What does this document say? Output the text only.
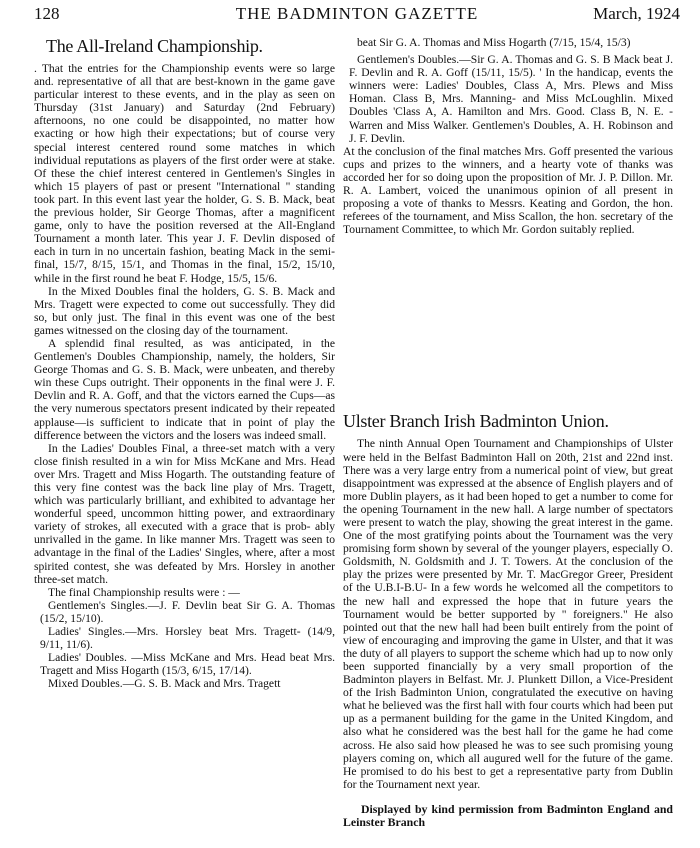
128	THE BADMINTON GAZETTE	March, 1924
The All-Ireland Championship.

. That the entries for the Championship events were so large and. representative of all that are best-known in the game gave particular interest to these events, and in the play as seen on Thursday (31st January) and Saturday (2nd February) afternoons, no one could be disappointed, no matter how exacting or how high their expectations; but of course very special interest centered round some matches in which individual reputations as players of the first order were at stake. Of these the chief interest centered in Gentlemen's Singles in which 15 players of past or present "International " standing took part. In this event last year the holder, G. S. B. Mack, beat the previous holder, Sir George Thomas, after a magnificent game, only to have the position reversed at the All-England Tournament a month later. This year J. F. Devlin disposed of each in turn in no uncertain fashion, beating Mack in the semi-final, 15/7, 8/15, 15/1, and Thomas in the final, 15/2, 15/10, while in the first round he beat F. Hodge, 15/5, 15/6.

In the Mixed Doubles final the holders, G. S. B. Mack and Mrs. Tragett were expected to come out successfully. They did so, but only just. The final in this event was one of the best games witnessed on the closing day of the tournament.

A splendid final resulted, as was anticipated, in the Gentlemen's Doubles Championship, namely, the holders, Sir George Thomas and G. S. B. Mack, were unbeaten, and thereby win these Cups outright. Their opponents in the final were J. F. Devlin and R. A. Goff, and that the victors earned the Cups—as the very numerous spectators present indicated by their repeated applause—is sufficient to indicate that in point of play the difference between the victors and the losers was indeed small.

In the Ladies' Doubles Final, a three-set match with a very close finish resulted in a win for Miss McKane and Mrs. Head over Mrs. Tragett and Miss Hogarth. The outstanding feature of this very fine contest was the back line play of Mrs. Tragett, which was particularly brilliant, and exhibited to advantage her wonderful speed, uncommon hitting power, and extraordinary variety of strokes, all executed with a grace that is prob- ably unrivalled in the game. In like manner Mrs. Tragett was seen to advantage in the final of the Ladies' Singles, where, after a most spirited contest, she was defeated by Mrs. Horsley in another three-set match.

The final Championship results were : —

Gentlemen's Singles.—J. F. Devlin beat Sir G. A. Thomas (15/2, 15/10).

Ladies' Singles.—Mrs. Horsley beat Mrs. Tragett- (14/9, 9/11, 11/6).

Ladies' Doubles. —Miss McKane and Mrs. Head beat Mrs. Tragett and Miss Hogarth (15/3, 6/15, 17/14).

Mixed Doubles.—G. S. B. Mack and Mrs. Tragett

beat Sir G. A. Thomas and Miss Hogarth (7/15, 15/4, 15/3)

Gentlemen's Doubles.—Sir G. A. Thomas and G. S. B Mack beat J. F. Devlin and R. A. Goff (15/11, 15/5). ' In the handicap, events the winners were: Ladies' Doubles, Class A, Mrs. Plews and Miss Homan. Class B, Mrs. Manning- and Miss McLoughlin. Mixed Doubles 'Class A, A. Hamilton and Mrs. Good. Class B, N. E. - Warren and Miss Walker. Gentlemen's Doubles, A. H. Robinson and J. F. Devlin.

At the conclusion of the final matches Mrs. Goff presented the various cups and prizes to the winners, and a hearty vote of thanks was accorded her for so doing upon the proposition of Mr. J. P. Dillon. Mr. R. A. Lambert, voiced the unanimous opinion of all present in proposing a vote of thanks to Messrs. Keating and Gordon, the hon. referees of the tournament, and Miss Scallon, the hon. secretary of the Tournament Committee, to which Mr. Gordon suitably replied.

Ulster Branch Irish Badminton Union.

The ninth Annual Open Tournament and Championships of Ulster were held in the Belfast Badminton Hall on 20th, 21st and 22nd inst. There was a very large entry from a numerical point of view, but great disappointment was expressed at the absence of English players and of more Dublin players, as it had been hoped to get a number to come for the opening Tournament in the new hall. A large number of spectators were present to watch the play, showing the great interest in the game. One of the most gratifying points about the Tournament was the very promising form shown by several of the younger players, especially O. Goldsmith, N. Goldsmith and J. T. Towers. At the conclusion of the play the prizes were presented by Mr. T. MacGregor Greer, President of the U.B.I-B.U- In a few words he welcomed all the competitors to the new hall and expressed the hope that in future years the Tournament would be better supported by " foreigners." He also pointed out that the new hall had been built entirely from the point of view of encouraging and improving the game in Ulster, and that it was the duty of all players to support the scheme which had up to now only been supported financially by a very small proportion of the Badminton players in Belfast. Mr. J. Plunkett Dillon, a Vice-President of the Irish Badminton Union, congratulated the executive on having what he believed was the first hall with four courts which had been put up as a permanent building for the game in the United Kingdom, and also what he considered was the best hall for the game he had come across. He also said how pleased he was to see such promising young players coming on, which all augured well for the future of the game. He promised to do his best to get a representative party from Dublin for the Tournament next year.

Displayed by kind permission from Badminton England and Leinster Branch
